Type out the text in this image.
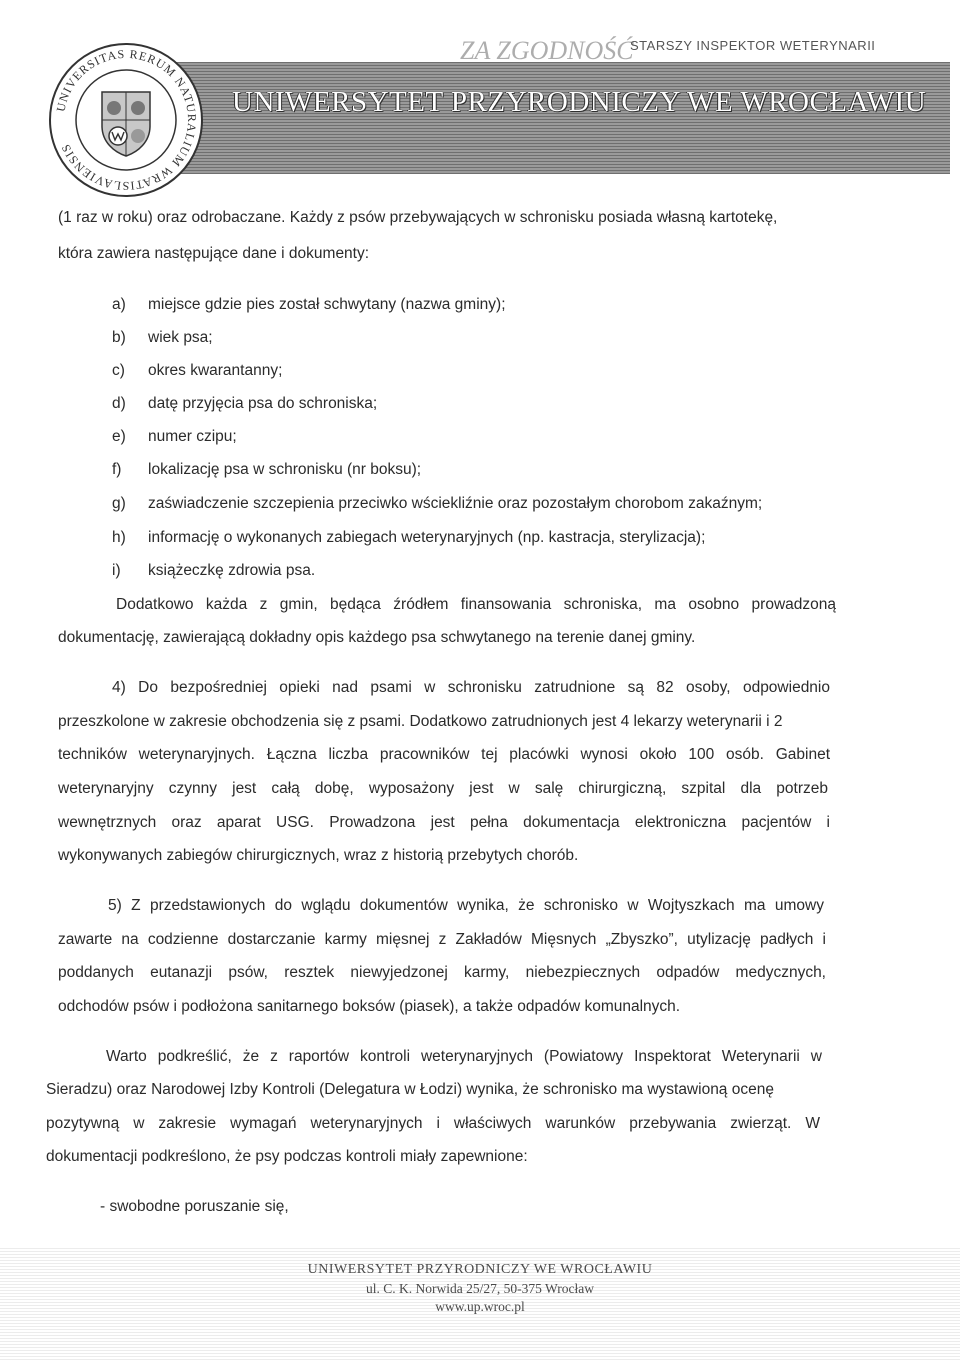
UNIWERSYTET PRZYRODNICZY WE WROCŁAWIU
ZA ZGODNOŚĆ
STARSZY INSPEKTOR WETERYNARII
UNIVERSITAS RERUM NATURALIUM WRATISLAVIENSIS
(1 raz w roku) oraz odrobaczane. Każdy z psów przebywających w schronisku posiada własną kartotekę,
która zawiera następujące dane i dokumenty:
a) miejsce gdzie pies został schwytany (nazwa gminy);
b) wiek psa;
c) okres kwarantanny;
d) datę przyjęcia psa do schroniska;
e) numer czipu;
f) lokalizację psa w schronisku (nr boksu);
g) zaświadczenie szczepienia przeciwko wściekliźnie oraz pozostałym chorobom zakaźnym;
h) informację o wykonanych zabiegach weterynaryjnych (np. kastracja, sterylizacja);
i) książeczkę zdrowia psa.
Dodatkowo każda z gmin, będąca źródłem finansowania schroniska, ma osobno prowadzoną
dokumentację, zawierającą dokładny opis każdego psa schwytanego na terenie danej gminy.
4) Do bezpośredniej opieki nad psami w schronisku zatrudnione są 82 osoby, odpowiednio
przeszkolone w zakresie obchodzenia się z psami. Dodatkowo zatrudnionych jest 4 lekarzy weterynarii i 2
techników weterynaryjnych. Łączna liczba pracowników tej placówki wynosi około 100 osób. Gabinet
weterynaryjny czynny jest całą dobę, wyposażony jest w salę chirurgiczną, szpital dla potrzeb
wewnętrznych oraz aparat USG. Prowadzona jest pełna dokumentacja elektroniczna pacjentów i
wykonywanych zabiegów chirurgicznych, wraz z historią przebytych chorób.
5) Z przedstawionych do wglądu dokumentów wynika, że schronisko w Wojtyszkach ma umowy
zawarte na codzienne dostarczanie karmy mięsnej z Zakładów Mięsnych „Zbyszko”, utylizację padłych i
poddanych eutanazji psów, resztek niewyjedzonej karmy, niebezpiecznych odpadów medycznych,
odchodów psów i podłożona sanitarnego boksów (piasek), a także odpadów komunalnych.
Warto podkreślić, że z raportów kontroli weterynaryjnych (Powiatowy Inspektorat Weterynarii w
Sieradzu) oraz Narodowej Izby Kontroli (Delegatura w Łodzi) wynika, że schronisko ma wystawioną ocenę
pozytywną w zakresie wymagań weterynaryjnych i właściwych warunków przebywania zwierząt. W
dokumentacji podkreślono, że psy podczas kontroli miały zapewnione:
- swobodne poruszanie się,
UNIWERSYTET PRZYRODNICZY WE WROCŁAWIU
ul. C. K. Norwida 25/27, 50-375 Wrocław
www.up.wroc.pl
